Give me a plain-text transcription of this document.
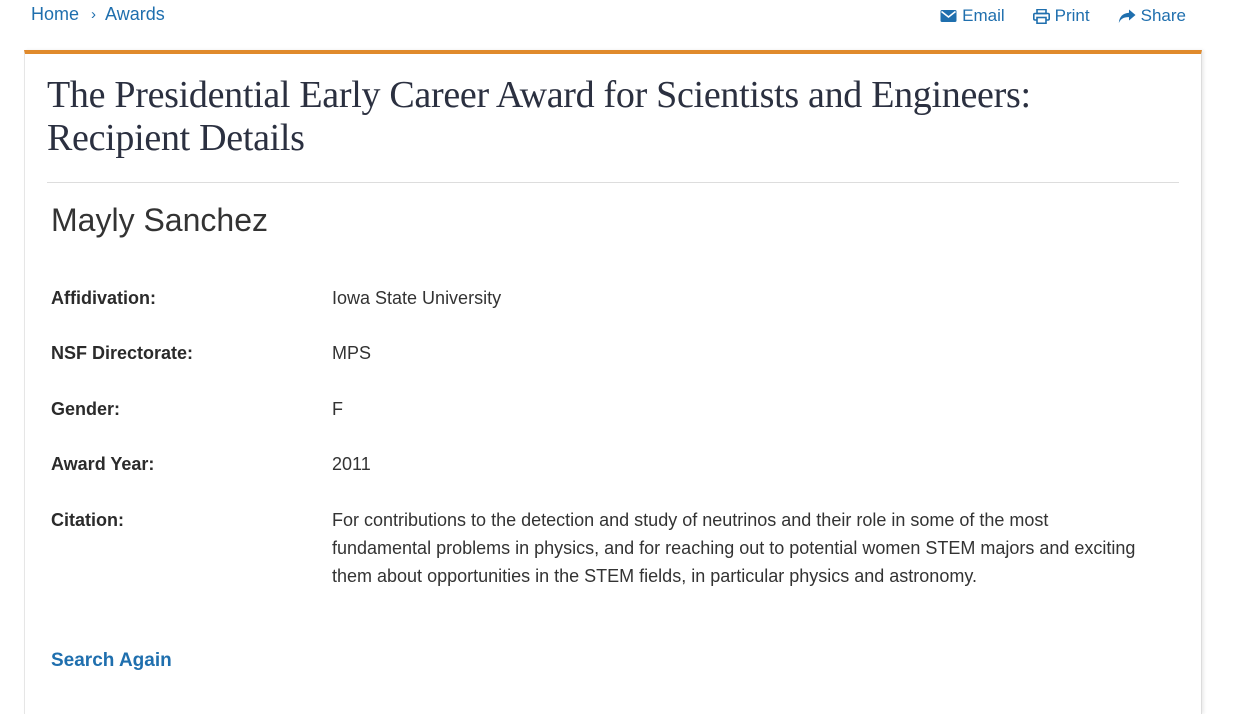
Home › Awards	Email	Print	Share
The Presidential Early Career Award for Scientists and Engineers: Recipient Details
Mayly Sanchez
Affidivation:	Iowa State University
NSF Directorate:	MPS
Gender:	F
Award Year:	2011
Citation:	For contributions to the detection and study of neutrinos and their role in some of the most fundamental problems in physics, and for reaching out to potential women STEM majors and exciting them about opportunities in the STEM fields, in particular physics and astronomy.
Search Again
